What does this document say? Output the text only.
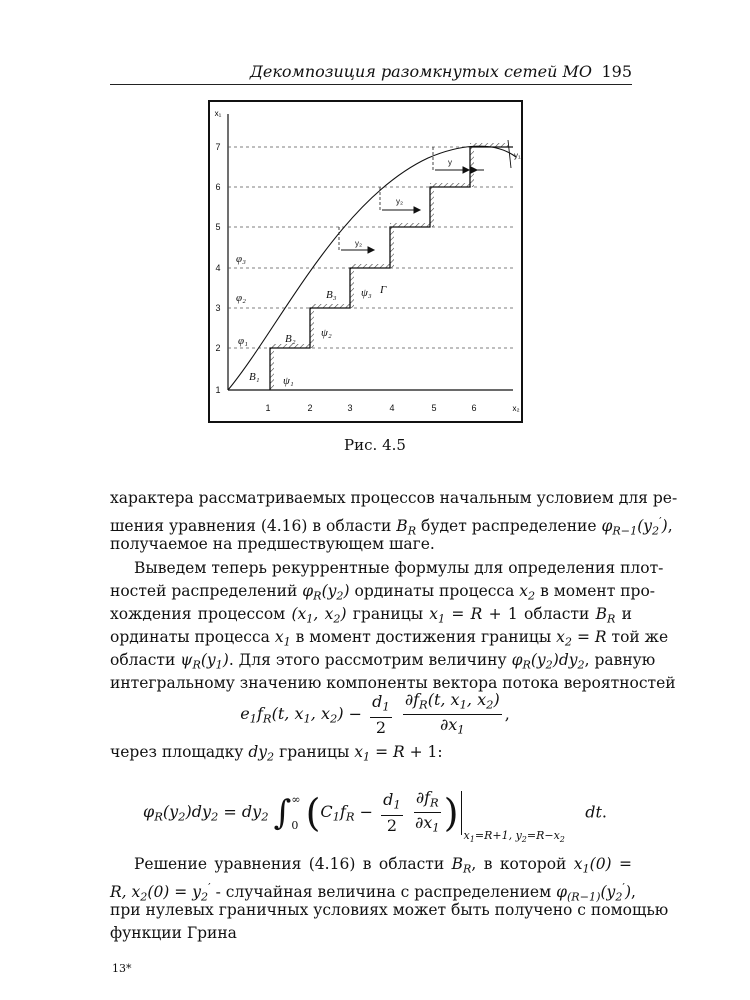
Декомпозиция разомкнутых сетей МО 195
1
2
3
4
5
6
7
1	2	3	4	5	6
x₁
x₂
φ₃
φ₂
φ₁
B₁
B₂
B₃
ψ₁
ψ₂
ψ₃ Г
y₂
y₂
y
y₁
Рис. 4.5
характера рассматриваемых процессов начальным условием для ре-
шения уравнения (4.16) в области $B_R$ будет распределение $\varphi_{R-1}(y_2')$,
получаемое на предшествующем шаге.
Выведем теперь рекуррентные формулы для определения плот-
ностей распределений $\varphi_R(y_2)$ ординаты процесса $x_2$ в момент про-
хождения процессом ($x_1$, $x_2$) границы $x_1 = R + 1$ области $B_R$ и
ординаты процесса $x_1$ в момент достижения границы $x_2 = R$ той же
области $\psi_R(y_1)$. Для этого рассмотрим величину $\varphi_R(y_2)dy_2$, равную
интегральному значению компоненты вектора потока вероятностей
$e_1f_R(t$, $x_1$, $x_2) - \frac{d_1}{2}$
$\frac{\partial f_R(t, x_1, x_2)}{\partial x_1}$ ,
через площадку $dy_2$ границы $x_1 = R + 1$:
$\varphi_R(y_2)dy_2 = dy_2$ ∫∞

0 ($C_1f_R - \frac{d_1}{2}$
$\frac{\partial f_R}{\partial x_1} )_{x_1=R+1, y_2=R-x_2}$    dt.
Решение уравнения (4.16) в области $B_R$, в которой $x_1(0)$ =
R, $x_2(0) = y_2'$ - случайная величина с распределением $\varphi_{(R-1)}(y_2')$,
при нулевых граничных условиях может быть получено с помощью
функции Грина
13*
